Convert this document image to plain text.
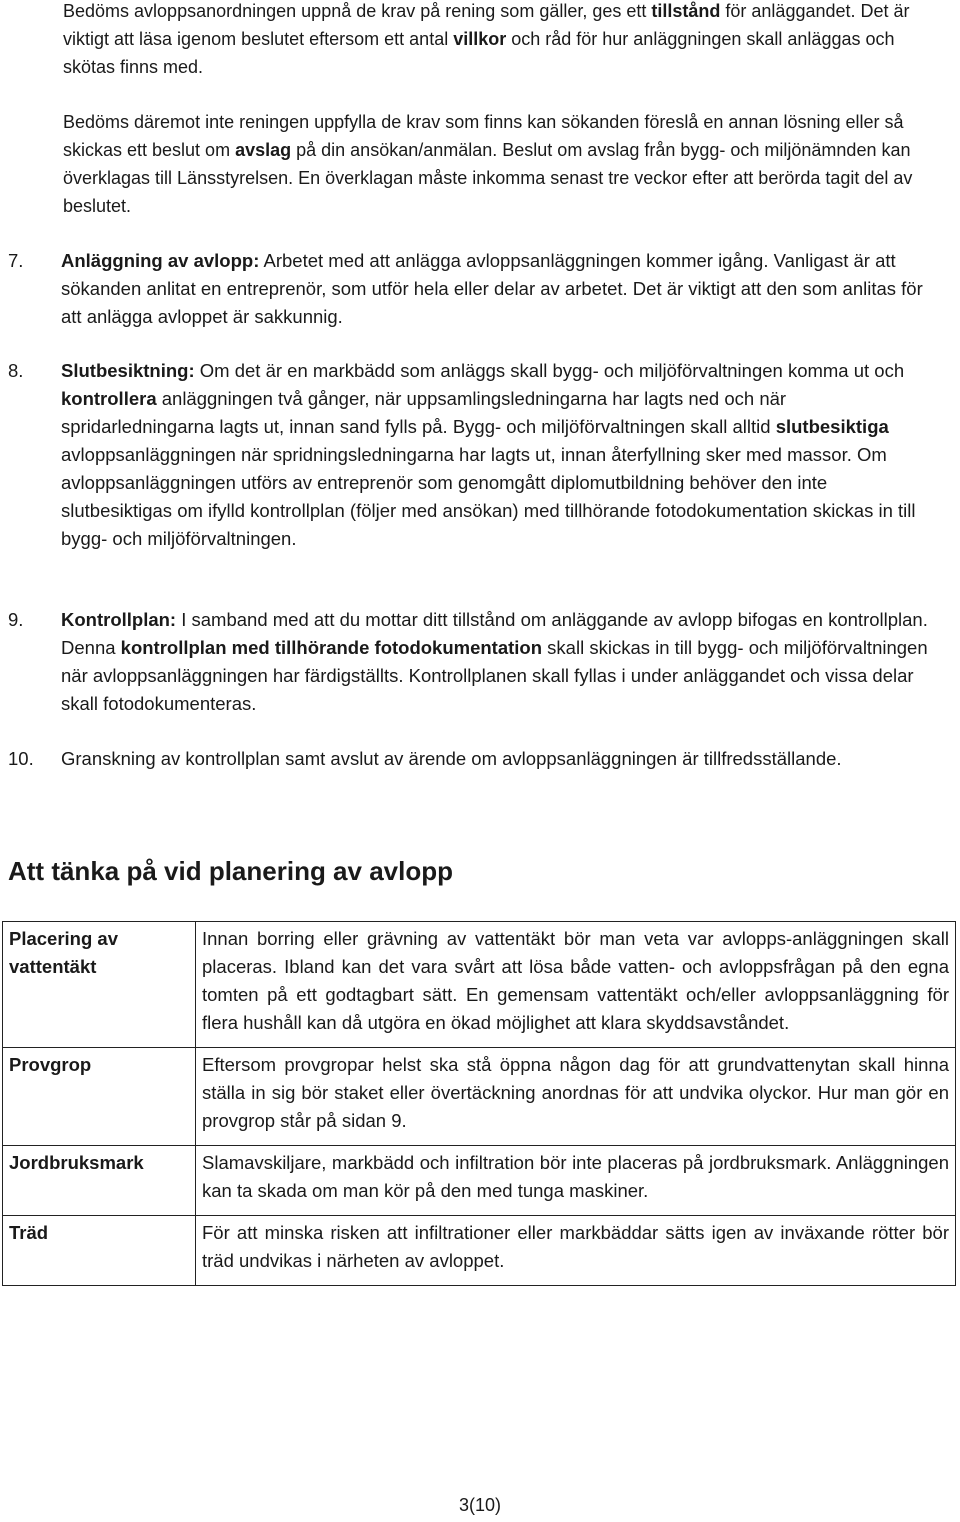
Bedöms avloppsanordningen uppnå de krav på rening som gäller, ges ett tillstånd för anläggandet. Det är viktigt att läsa igenom beslutet eftersom ett antal villkor och råd för hur anläggningen skall anläggas och skötas finns med.

Bedöms däremot inte reningen uppfylla de krav som finns kan sökanden föreslå en annan lösning eller så skickas ett beslut om avslag på din ansökan/anmälan. Beslut om avslag från bygg- och miljönämnden kan överklagas till Länsstyrelsen. En överklagan måste inkomma senast tre veckor efter att berörda tagit del av beslutet.

7.	Anläggning av avlopp: Arbetet med att anlägga avloppsanläggningen kommer igång. Vanligast är att sökanden anlitat en entreprenör, som utför hela eller delar av arbetet. Det är viktigt att den som anlitas för att anlägga avloppet är sakkunnig.
8.	Slutbesiktning: Om det är en markbädd som anläggs skall bygg- och miljöförvaltningen komma ut och kontrollera anläggningen två gånger, när uppsamlingsledningarna har lagts ned och när spridarledningarna lagts ut, innan sand fylls på. Bygg- och miljöförvaltningen skall alltid slutbesiktiga avloppsanläggningen när spridningsledningarna har lagts ut, innan återfyllning sker med massor. Om avloppsanläggningen utförs av entreprenör som genomgått diplomutbildning behöver den inte slutbesiktigas om ifylld kontrollplan (följer med ansökan) med tillhörande fotodokumentation skickas in till bygg- och miljöförvaltningen.
9.	Kontrollplan: I samband med att du mottar ditt tillstånd om anläggande av avlopp bifogas en kontrollplan. Denna kontrollplan med tillhörande fotodokumentation skall skickas in till bygg- och miljöförvaltningen när avloppsanläggningen har färdigställts. Kontrollplanen skall fyllas i under anläggandet och vissa delar skall fotodokumenteras.
10.	Granskning av kontrollplan samt avslut av ärende om avloppsanläggningen är tillfredsställande.
Att tänka på vid planering av avlopp
Placering av vattentäkt	Innan borring eller grävning av vattentäkt bör man veta var avlopps-anläggningen skall placeras. Ibland kan det vara svårt att lösa både vatten- och avloppsfrågan på den egna tomten på ett godtagbart sätt. En gemensam vattentäkt och/eller avloppsanläggning för flera hushåll kan då utgöra en ökad möjlighet att klara skyddsavståndet.
Provgrop	Eftersom provgropar helst ska stå öppna någon dag för att grundvattenytan skall hinna ställa in sig bör staket eller övertäckning anordnas för att undvika olyckor. Hur man gör en provgrop står på sidan 9.
Jordbruksmark	Slamavskiljare, markbädd och infiltration bör inte placeras på jordbruksmark. Anläggningen kan ta skada om man kör på den med tunga maskiner.
Träd	För att minska risken att infiltrationer eller markbäddar sätts igen av inväxande rötter bör träd undvikas i närheten av avloppet.
3(10)
